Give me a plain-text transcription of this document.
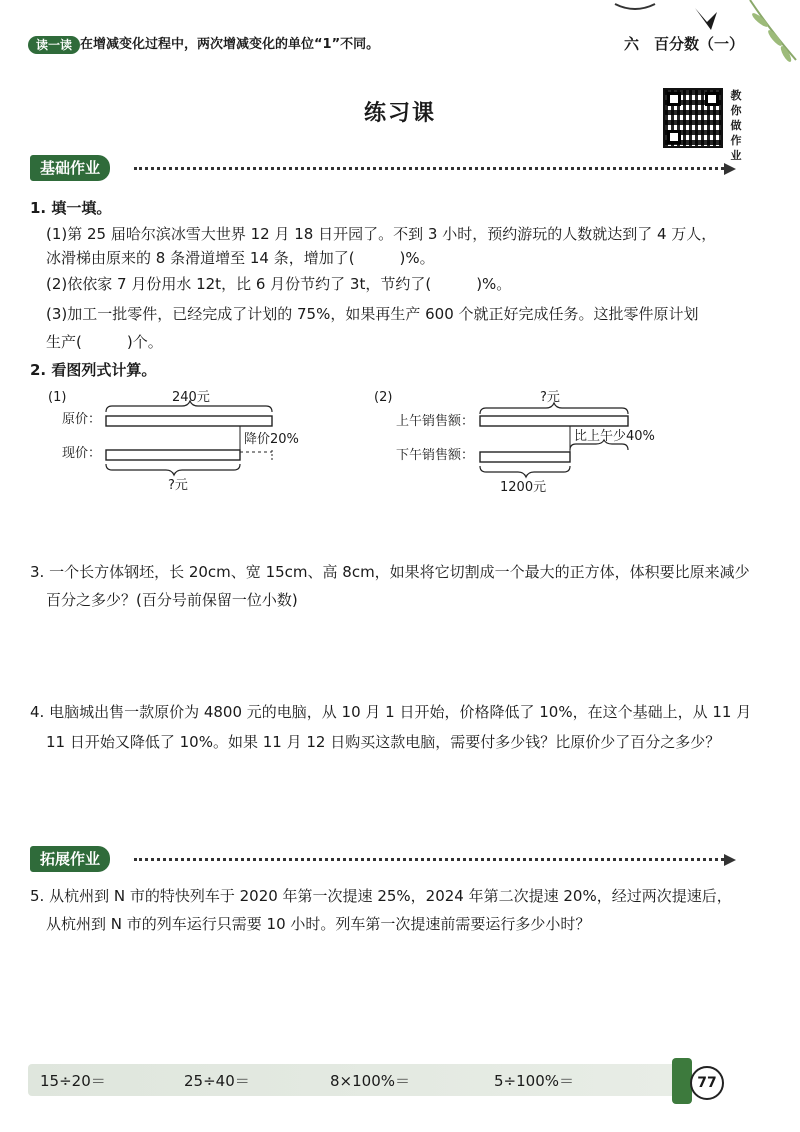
读一读 在增减变化过程中，两次增减变化的单位“1”不同。	六　百分数（一）
练习课
教
你
做
作
业
基础作业
1. 填一填。
(1)第 25 届哈尔滨冰雪大世界 12 月 18 日开园了。不到 3 小时，预约游玩的人数就达到了 4 万人，
冰滑梯由原来的 8 条滑道增至 14 条，增加了(　　　)%。
(2)依依家 7 月份用水 12t，比 6 月份节约了 3t，节约了(　　　)%。
(3)加工一批零件，已经完成了计划的 75%，如果再生产 600 个就正好完成任务。这批零件原计划
生产(　　　)个。
2. 看图列式计算。
(1)	240元
原价：
现价：
降价20%
?元
(2)	?元
上午销售额：
下午销售额：
比上午少40%
1200元
3. 一个长方体钢坯，长 20cm、宽 15cm、高 8cm，如果将它切割成一个最大的正方体，体积要比原来减少
百分之多少？(百分号前保留一位小数)
4. 电脑城出售一款原价为 4800 元的电脑，从 10 月 1 日开始，价格降低了 10%，在这个基础上，从 11 月
11 日开始又降低了 10%。如果 11 月 12 日购买这款电脑，需要付多少钱？比原价少了百分之多少？
拓展作业
5. 从杭州到 N 市的特快列车于 2020 年第一次提速 25%，2024 年第二次提速 20%，经过两次提速后，
从杭州到 N 市的列车运行只需要 10 小时。列车第一次提速前需要运行多少小时？
15÷20＝	25÷40＝	8×100%＝	5÷100%＝	77
